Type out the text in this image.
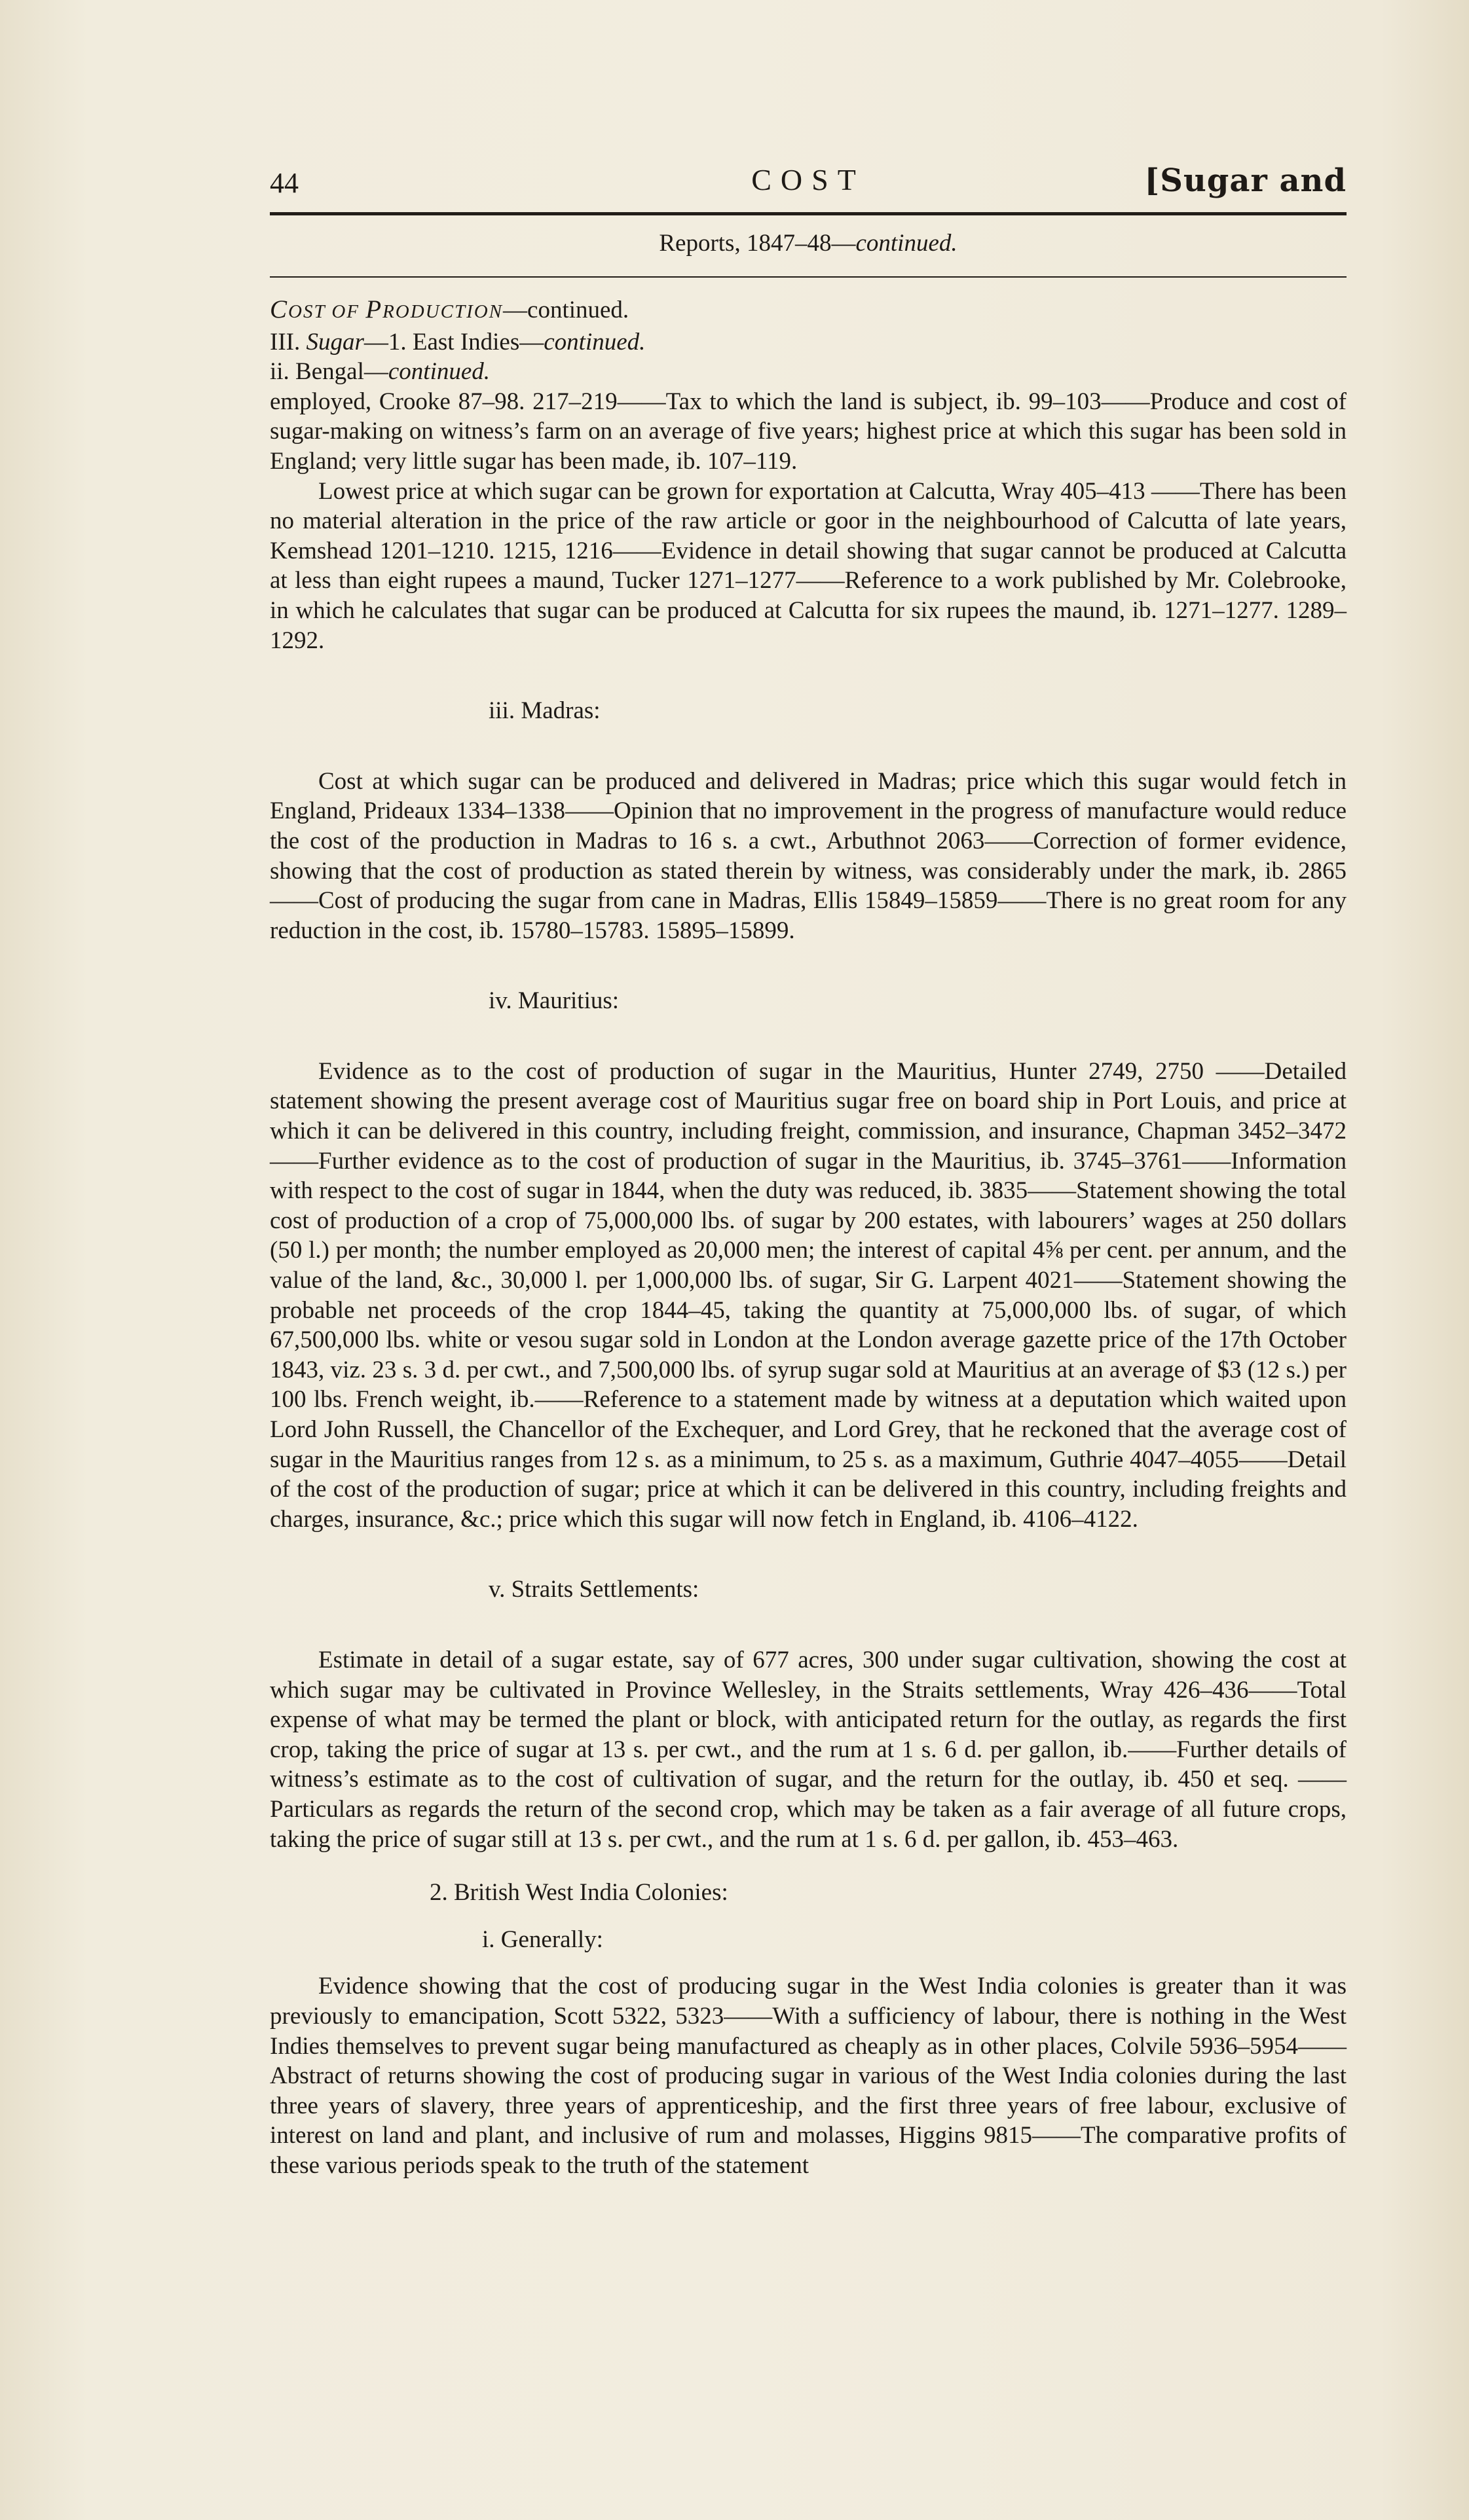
44	COST	[Sugar and
Reports, 1847–48—continued.

COST OF PRODUCTION—continued.

III. Sugar—1. East Indies—continued.

ii. Bengal—continued.

employed, Crooke 87–98. 217–219——Tax to which the land is subject, ib. 99–103——Produce and cost of sugar-making on witness’s farm on an average of five years; highest price at which this sugar has been sold in England; very little sugar has been made, ib. 107–119.

Lowest price at which sugar can be grown for exportation at Calcutta, Wray 405–413 ——There has been no material alteration in the price of the raw article or goor in the neighbourhood of Calcutta of late years, Kemshead 1201–1210. 1215, 1216——Evidence in detail showing that sugar cannot be produced at Calcutta at less than eight rupees a maund, Tucker 1271–1277——Reference to a work published by Mr. Colebrooke, in which he calculates that sugar can be produced at Calcutta for six rupees the maund, ib. 1271–1277. 1289–1292.

iii. Madras:

Cost at which sugar can be produced and delivered in Madras; price which this sugar would fetch in England, Prideaux 1334–1338——Opinion that no improvement in the progress of manufacture would reduce the cost of the production in Madras to 16 s. a cwt., Arbuthnot 2063——Correction of former evidence, showing that the cost of production as stated therein by witness, was considerably under the mark, ib. 2865——Cost of producing the sugar from cane in Madras, Ellis 15849–15859——There is no great room for any reduction in the cost, ib. 15780–15783. 15895–15899.

iv. Mauritius:

Evidence as to the cost of production of sugar in the Mauritius, Hunter 2749, 2750 ——Detailed statement showing the present average cost of Mauritius sugar free on board ship in Port Louis, and price at which it can be delivered in this country, including freight, commission, and insurance, Chapman 3452–3472——Further evidence as to the cost of production of sugar in the Mauritius, ib. 3745–3761——Information with respect to the cost of sugar in 1844, when the duty was reduced, ib. 3835——Statement showing the total cost of production of a crop of 75,000,000 lbs. of sugar by 200 estates, with labourers’ wages at 250 dollars (50 l.) per month; the number employed as 20,000 men; the interest of capital 4⅝ per cent. per annum, and the value of the land, &c., 30,000 l. per 1,000,000 lbs. of sugar, Sir G. Larpent 4021——Statement showing the probable net proceeds of the crop 1844–45, taking the quantity at 75,000,000 lbs. of sugar, of which 67,500,000 lbs. white or vesou sugar sold in London at the London average gazette price of the 17th October 1843, viz. 23 s. 3 d. per cwt., and 7,500,000 lbs. of syrup sugar sold at Mauritius at an average of $3 (12 s.) per 100 lbs. French weight, ib.——Reference to a statement made by witness at a deputation which waited upon Lord John Russell, the Chancellor of the Exchequer, and Lord Grey, that he reckoned that the average cost of sugar in the Mauritius ranges from 12 s. as a minimum, to 25 s. as a maximum, Guthrie 4047–4055——Detail of the cost of the production of sugar; price at which it can be delivered in this country, including freights and charges, insurance, &c.; price which this sugar will now fetch in England, ib. 4106–4122.

v. Straits Settlements:

Estimate in detail of a sugar estate, say of 677 acres, 300 under sugar cultivation, showing the cost at which sugar may be cultivated in Province Wellesley, in the Straits settlements, Wray 426–436——Total expense of what may be termed the plant or block, with anticipated return for the outlay, as regards the first crop, taking the price of sugar at 13 s. per cwt., and the rum at 1 s. 6 d. per gallon, ib.——Further details of witness’s estimate as to the cost of cultivation of sugar, and the return for the outlay, ib. 450 et seq. ——Particulars as regards the return of the second crop, which may be taken as a fair average of all future crops, taking the price of sugar still at 13 s. per cwt., and the rum at 1 s. 6 d. per gallon, ib. 453–463.

2. British West India Colonies:

i. Generally:

Evidence showing that the cost of producing sugar in the West India colonies is greater than it was previously to emancipation, Scott 5322, 5323——With a sufficiency of labour, there is nothing in the West Indies themselves to prevent sugar being manufactured as cheaply as in other places, Colvile 5936–5954——Abstract of returns showing the cost of producing sugar in various of the West India colonies during the last three years of slavery, three years of apprenticeship, and the first three years of free labour, exclusive of interest on land and plant, and inclusive of rum and molasses, Higgins 9815——The comparative profits of these various periods speak to the truth of the statement
